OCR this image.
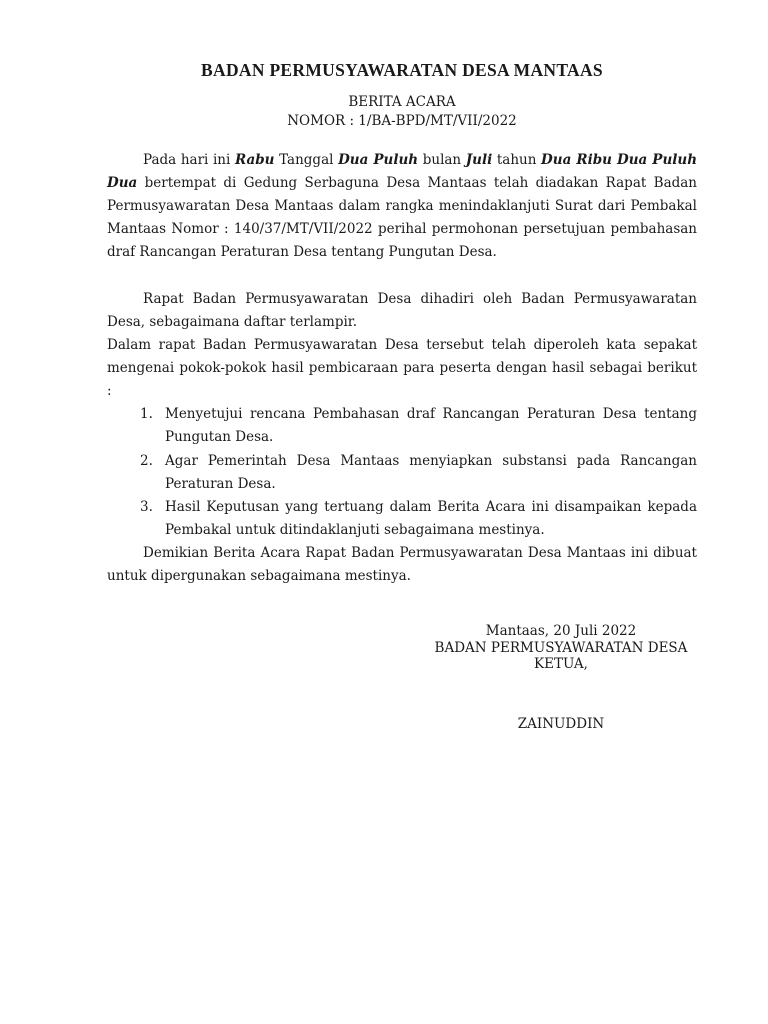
BADAN PERMUSYAWARATAN DESA MANTAAS
BERITA ACARA
NOMOR : 1/BA-BPD/MT/VII/2022

Pada hari ini Rabu Tanggal Dua Puluh bulan Juli tahun Dua Ribu Dua Puluh Dua bertempat di Gedung Serbaguna Desa Mantaas telah diadakan Rapat Badan Permusyawaratan Desa Mantaas dalam rangka menindaklanjuti Surat dari Pembakal Mantaas Nomor : 140/37/MT/VII/2022 perihal permohonan persetujuan pembahasan draf Rancangan Peraturan Desa tentang Pungutan Desa.

Rapat Badan Permusyawaratan Desa dihadiri oleh Badan Permusyawaratan Desa, sebagaimana daftar terlampir.

Dalam rapat Badan Permusyawaratan Desa tersebut telah diperoleh kata sepakat mengenai pokok-pokok hasil pembicaraan para peserta dengan hasil sebagai berikut :

1. Menyetujui rencana Pembahasan draf Rancangan Peraturan Desa tentang Pungutan Desa.
2. Agar Pemerintah Desa Mantaas menyiapkan substansi pada Rancangan Peraturan Desa.
3. Hasil Keputusan yang tertuang dalam Berita Acara ini disampaikan kepada Pembakal untuk ditindaklanjuti sebagaimana mestinya.

Demikian Berita Acara Rapat Badan Permusyawaratan Desa Mantaas ini dibuat untuk dipergunakan sebagaimana mestinya.

Mantaas, 20 Juli 2022
BADAN PERMUSYAWARATAN DESA
KETUA,
ZAINUDDIN
